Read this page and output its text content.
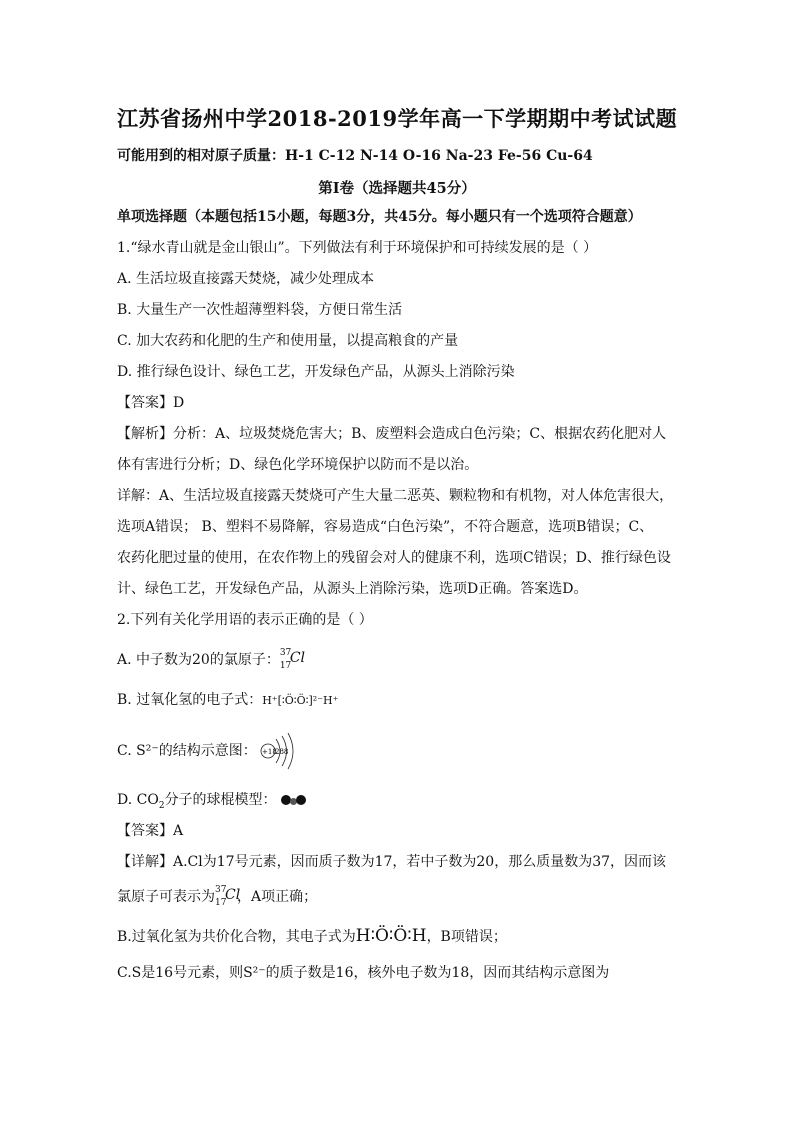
江苏省扬州中学2018-2019学年高一下学期期中考试试题
可能用到的相对原子质量：H-1 C-12 N-14 O-16 Na-23 Fe-56 Cu-64
第Ⅰ卷（选择题共45分）
单项选择题（本题包括15小题，每题3分，共45分。每小题只有一个选项符合题意）
1.“绿水青山就是金山银山”。下列做法有利于环境保护和可持续发展的是（ ）
A. 生活垃圾直接露天焚烧，减少处理成本
B. 大量生产一次性超薄塑料袋，方便日常生活
C. 加大农药和化肥的生产和使用量，以提高粮食的产量
D. 推行绿色设计、绿色工艺，开发绿色产品，从源头上消除污染
【答案】D
【解析】分析：A、垃圾焚烧危害大；B、废塑料会造成白色污染；C、根据农药化肥对人
体有害进行分析；D、绿色化学环境保护以防而不是以治。
详解：A、生活垃圾直接露天焚烧可产生大量二恶英、颗粒物和有机物，对人体危害很大，
选项A错误； B、塑料不易降解，容易造成“白色污染”，不符合题意，选项B错误；C、
农药化肥过量的使用，在农作物上的残留会对人的健康不利，选项C错误；D、推行绿色设
计、绿色工艺，开发绿色产品，从源头上消除污染，选项D正确。答案选D。
2.下列有关化学用语的表示正确的是（ ）
A. 中子数为20的氯原子： 37
17
Cl
B. 过氧化氢的电子式：H⁺[∶Ö∶Ö∶]²⁻H⁺
C. S²⁻的结构示意图： +18
288
D. $CO_2$分子的球棍模型：
【答案】A
【详解】A.Cl为17号元素，因而质子数为17，若中子数为20，那么质量数为37，因而该
氯原子可表示为 37
17
Cl
，A项正确；
B.过氧化氢为共价化合物，其电子式为H∶Ö∶Ö∶H，B项错误；
C.S是16号元素，则S²⁻的质子数是16，核外电子数为18，因而其结构示意图为
